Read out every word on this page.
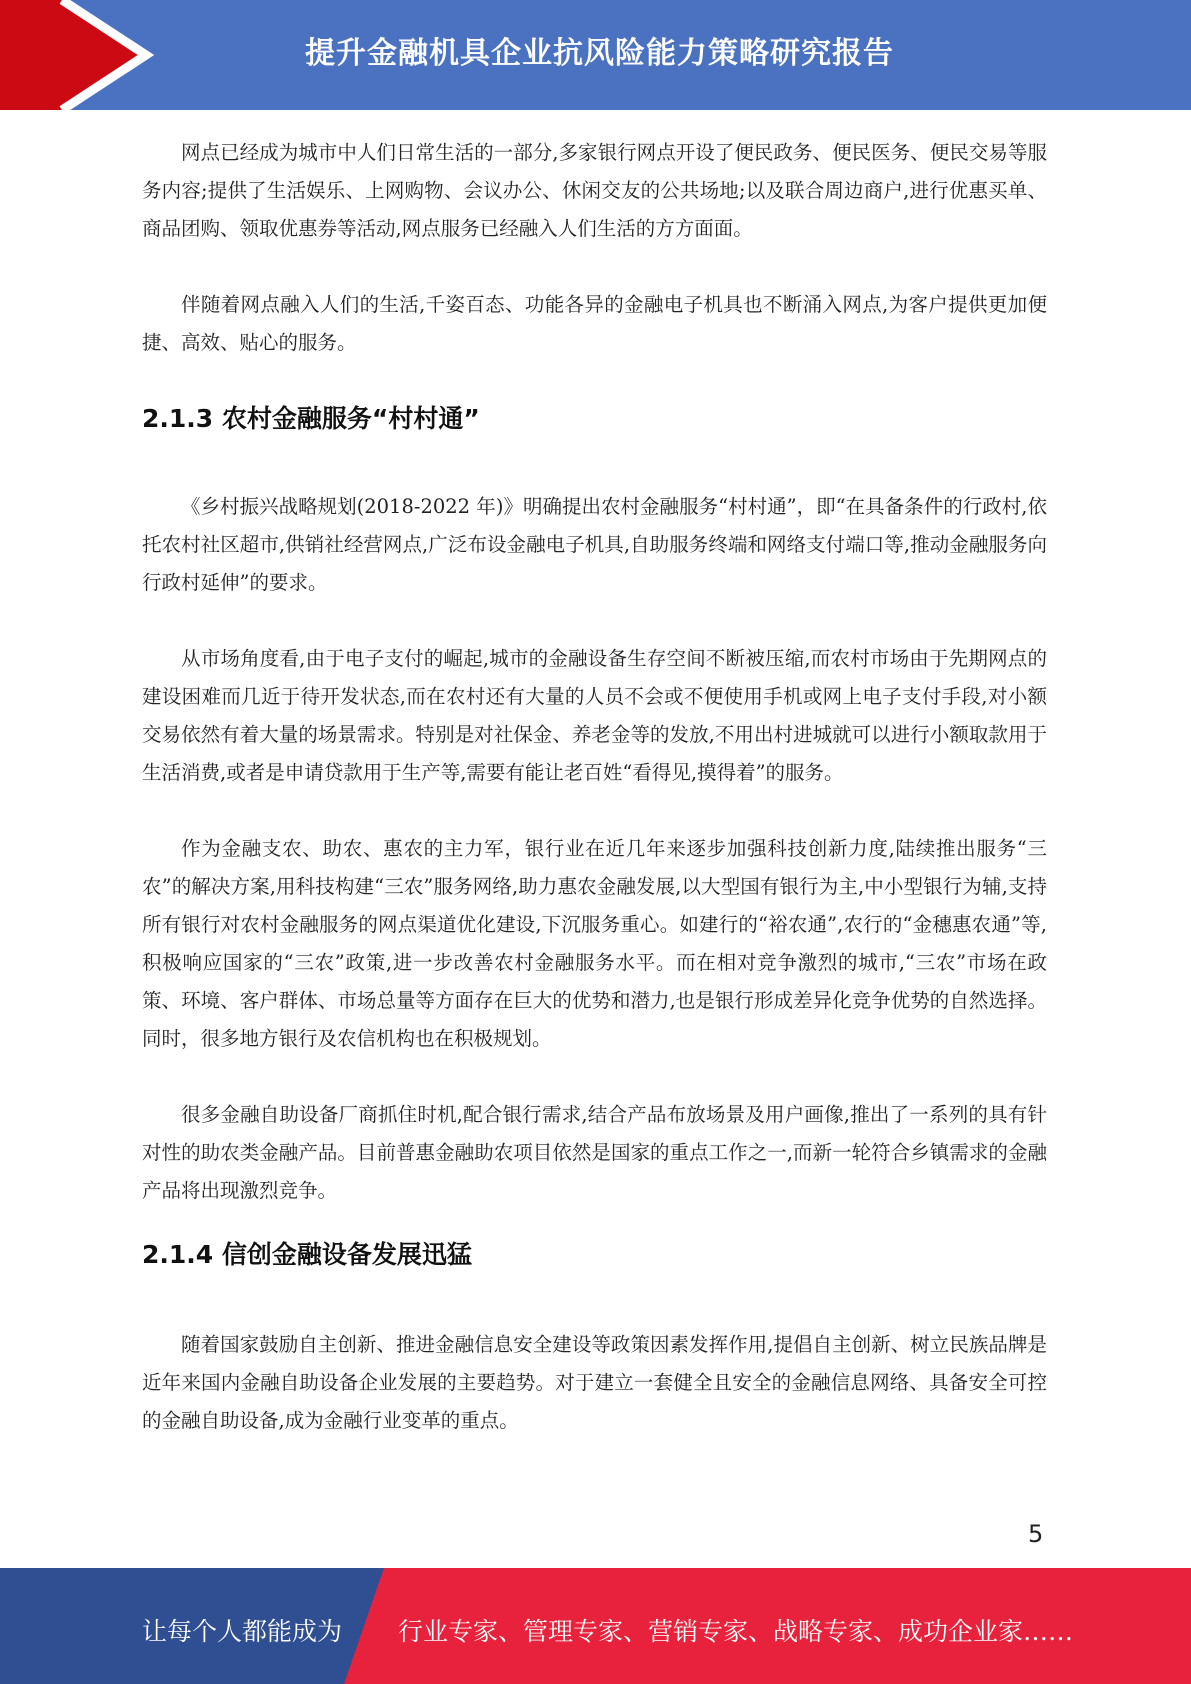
提升金融机具企业抗风险能力策略研究报告

网点已经成为城市中人们日常生活的一部分,多家银行网点开设了便民政务、便民医务、便民交易等服务内容;提供了生活娱乐、上网购物、会议办公、休闲交友的公共场地;以及联合周边商户,进行优惠买单、商品团购、领取优惠券等活动,网点服务已经融入人们生活的方方面面。

伴随着网点融入人们的生活,千姿百态、功能各异的金融电子机具也不断涌入网点,为客户提供更加便捷、高效、贴心的服务。

2.1.3 农村金融服务“村村通”

《乡村振兴战略规划(2018-2022 年)》明确提出农村金融服务“村村通”，即“在具备条件的行政村,依托农村社区超市,供销社经营网点,广泛布设金融电子机具,自助服务终端和网络支付端口等,推动金融服务向行政村延伸”的要求。

从市场角度看,由于电子支付的崛起,城市的金融设备生存空间不断被压缩,而农村市场由于先期网点的建设困难而几近于待开发状态,而在农村还有大量的人员不会或不便使用手机或网上电子支付手段,对小额交易依然有着大量的场景需求。特别是对社保金、养老金等的发放,不用出村进城就可以进行小额取款用于生活消费,或者是申请贷款用于生产等,需要有能让老百姓“看得见,摸得着”的服务。

作为金融支农、助农、惠农的主力军，银行业在近几年来逐步加强科技创新力度,陆续推出服务“三农”的解决方案,用科技构建“三农”服务网络,助力惠农金融发展,以大型国有银行为主,中小型银行为辅,支持所有银行对农村金融服务的网点渠道优化建设,下沉服务重心。如建行的“裕农通”,农行的“金穗惠农通”等,积极响应国家的“三农”政策,进一步改善农村金融服务水平。而在相对竞争激烈的城市,“三农”市场在政策、环境、客户群体、市场总量等方面存在巨大的优势和潜力,也是银行形成差异化竞争优势的自然选择。同时，很多地方银行及农信机构也在积极规划。

很多金融自助设备厂商抓住时机,配合银行需求,结合产品布放场景及用户画像,推出了一系列的具有针对性的助农类金融产品。目前普惠金融助农项目依然是国家的重点工作之一,而新一轮符合乡镇需求的金融产品将出现激烈竞争。

2.1.4 信创金融设备发展迅猛

随着国家鼓励自主创新、推进金融信息安全建设等政策因素发挥作用,提倡自主创新、树立民族品牌是近年来国内金融自助设备企业发展的主要趋势。对于建立一套健全且安全的金融信息网络、具备安全可控的金融自助设备,成为金融行业变革的重点。

5
让每个人都能成为 行业专家、管理专家、营销专家、战略专家、成功企业家……
